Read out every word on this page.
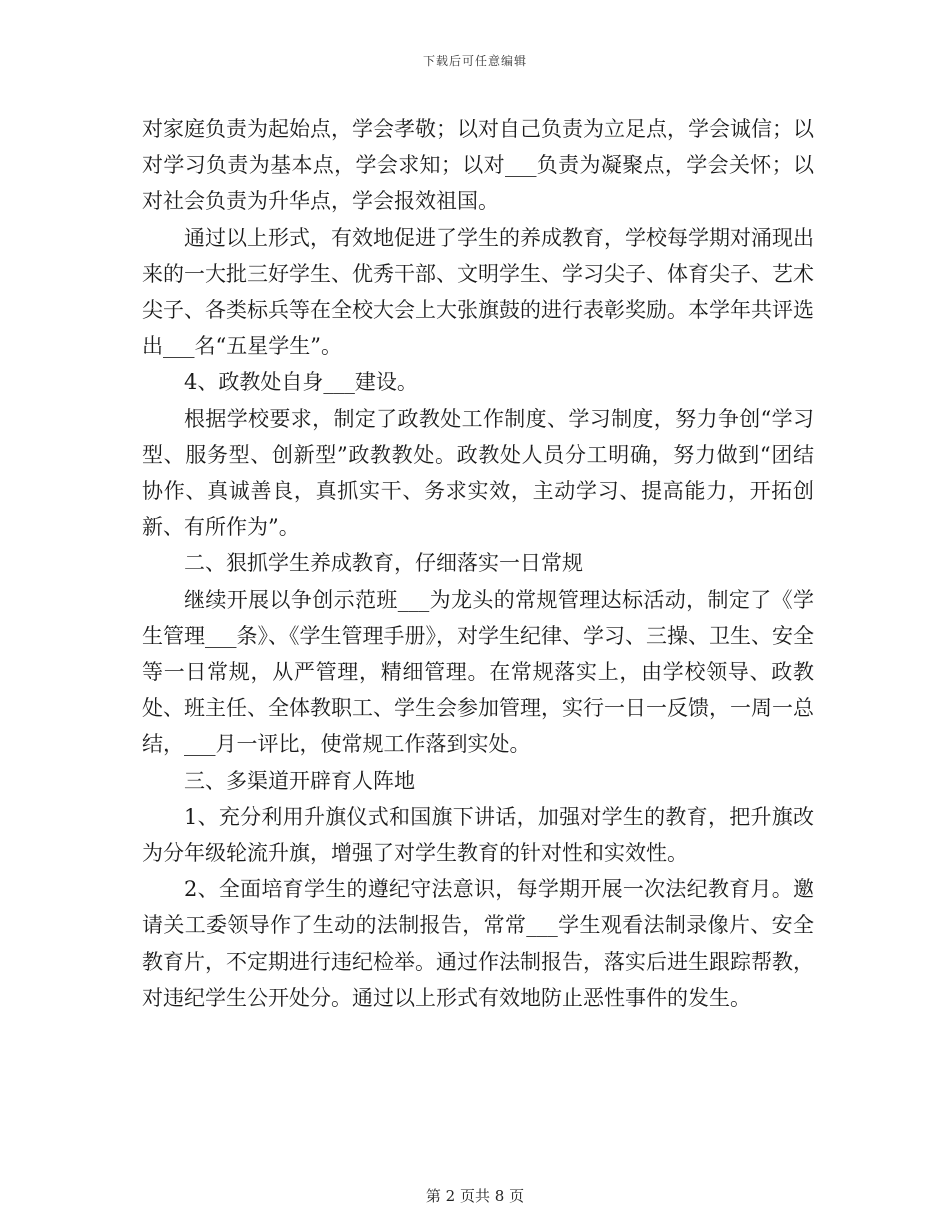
下载后可任意编辑

对家庭负责为起始点，学会孝敬；以对自己负责为立足点，学会诚信；以对学习负责为基本点，学会求知；以对___负责为凝聚点，学会关怀；以对社会负责为升华点，学会报效祖国。

通过以上形式，有效地促进了学生的养成教育，学校每学期对涌现出来的一大批三好学生、优秀干部、文明学生、学习尖子、体育尖子、艺术尖子、各类标兵等在全校大会上大张旗鼓的进行表彰奖励。本学年共评选出___名“五星学生”。

4、政教处自身___建设。

根据学校要求，制定了政教处工作制度、学习制度，努力争创“学习型、服务型、创新型”政教教处。政教处人员分工明确，努力做到“团结协作、真诚善良，真抓实干、务求实效，主动学习、提高能力，开拓创新、有所作为”。

二、狠抓学生养成教育，仔细落实一日常规

继续开展以争创示范班___为龙头的常规管理达标活动，制定了《学生管理___条》、《学生管理手册》，对学生纪律、学习、三操、卫生、安全等一日常规，从严管理，精细管理。在常规落实上，由学校领导、政教处、班主任、全体教职工、学生会参加管理，实行一日一反馈，一周一总结，___月一评比，使常规工作落到实处。

三、多渠道开辟育人阵地

1、充分利用升旗仪式和国旗下讲话，加强对学生的教育，把升旗改为分年级轮流升旗，增强了对学生教育的针对性和实效性。

2、全面培育学生的遵纪守法意识，每学期开展一次法纪教育月。邀请关工委领导作了生动的法制报告，常常___学生观看法制录像片、安全教育片，不定期进行违纪检举。通过作法制报告，落实后进生跟踪帮教，对违纪学生公开处分。通过以上形式有效地防止恶性事件的发生。

第 2 页共 8 页
